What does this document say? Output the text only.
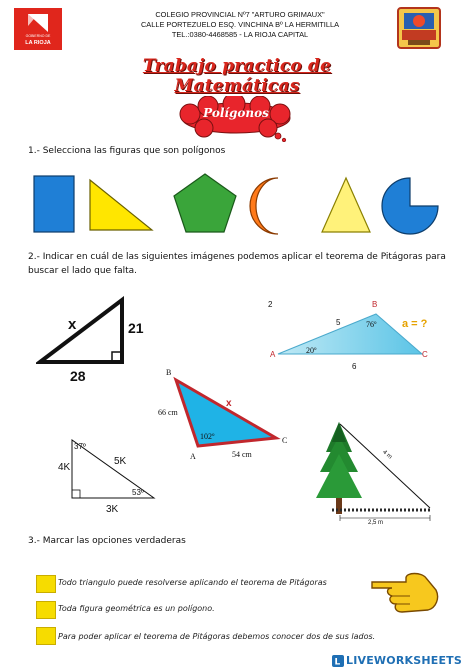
GOBIERNO DE
LA RIOJA
COLEGIO PROVINCIAL Nº7 "ARTURO GRIMAUX"
CALLE PORTEZUELO ESQ. VINCHINA Bº LA HERMITILLA
TEL.:0380-4468585 - LA RIOJA CAPITAL
Trabajo practico de Matemáticas
Polígonos
1.- Selecciona las figuras que son polígonos
2.- Indicar en cuál de las siguientes imágenes podemos aplicar el teorema de Pitágoras para buscar el lado que falta.
x	21
28
2	B
A	C
5
6
20º
76º a = ?
B
A
C
x
66 cm
54 cm
102º
37º
53º
4K
5K
3K
4 m
2,5 m
3.- Marcar las opciones verdaderas
Todo triangulo puede resolverse aplicando el teorema de Pitágoras
Toda figura geométrica es un polígono.
Para poder aplicar el teorema de Pitágoras debemos conocer dos de sus lados.
L LIVEWORKSHEETS
